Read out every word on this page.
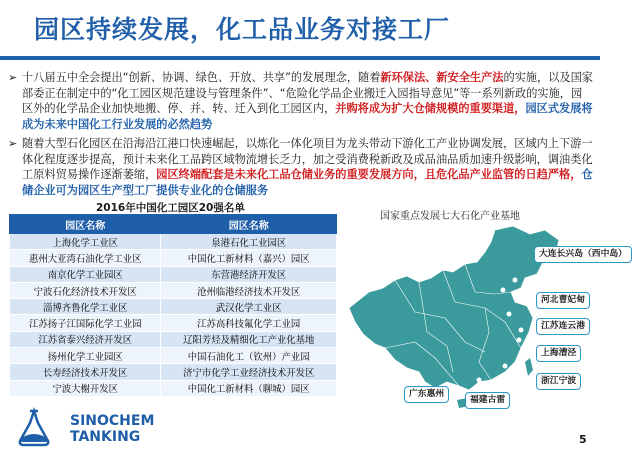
园区持续发展，化工品业务对接工厂
➢ 十八届五中全会提出“创新、协调、绿色、开放、共享”的发展理念，随着新环保法、新安全生产法的实施，以及国家部委正在制定中的“化工园区规范建设与管理条件”、“危险化学品企业搬迁入园指导意见”等一系列新政的实施，园区外的化学品企业加快地搬、停、并、转、迁入到化工园区内，并购将成为扩大仓储规模的重要渠道，园区式发展将成为未来中国化工行业发展的必然趋势
➢ 随着大型石化园区在沿海沿江港口快速崛起，以炼化一体化项目为龙头带动下游化工产业协调发展，区域内上下游一体化程度逐步提高，预计未来化工品跨区域物流增长乏力，加之受消费税新政及成品油品质加速升级影响，调油类化工原料贸易操作逐渐萎缩，园区终端配套是未来化工品仓储业务的重要发展方向，且危化品产业监管的日趋严格，仓储企业可为园区生产型工厂提供专业化的仓储服务
2016年中国化工园区20强名单
园区名称	园区名称
上海化学工业区	泉港石化工业园区
惠州大亚湾石油化学工业区	中国化工新材料（嘉兴）园区
南京化学工业园区	东营港经济开发区
宁波石化经济技术开发区	沧州临港经济技术开发区
淄博齐鲁化学工业区	武汉化学工业区
江苏扬子江国际化学工业园	江苏高科技氟化学工业园
江苏省泰兴经济开发区	辽阳芳烃及精细化工产业化基地
扬州化学工业园区	中国石油化工（钦州）产业园
长寿经济技术开发区	济宁市化学工业经济技术开发区
宁波大榭开发区	中国化工新材料（聊城）园区
国家重点发展七大石化产业基地
大连长兴岛（西中岛）
河北曹妃甸
江苏连云港
上海漕泾
浙江宁波
福建古雷
广东惠州
SINOCHEM
TANKING	5
